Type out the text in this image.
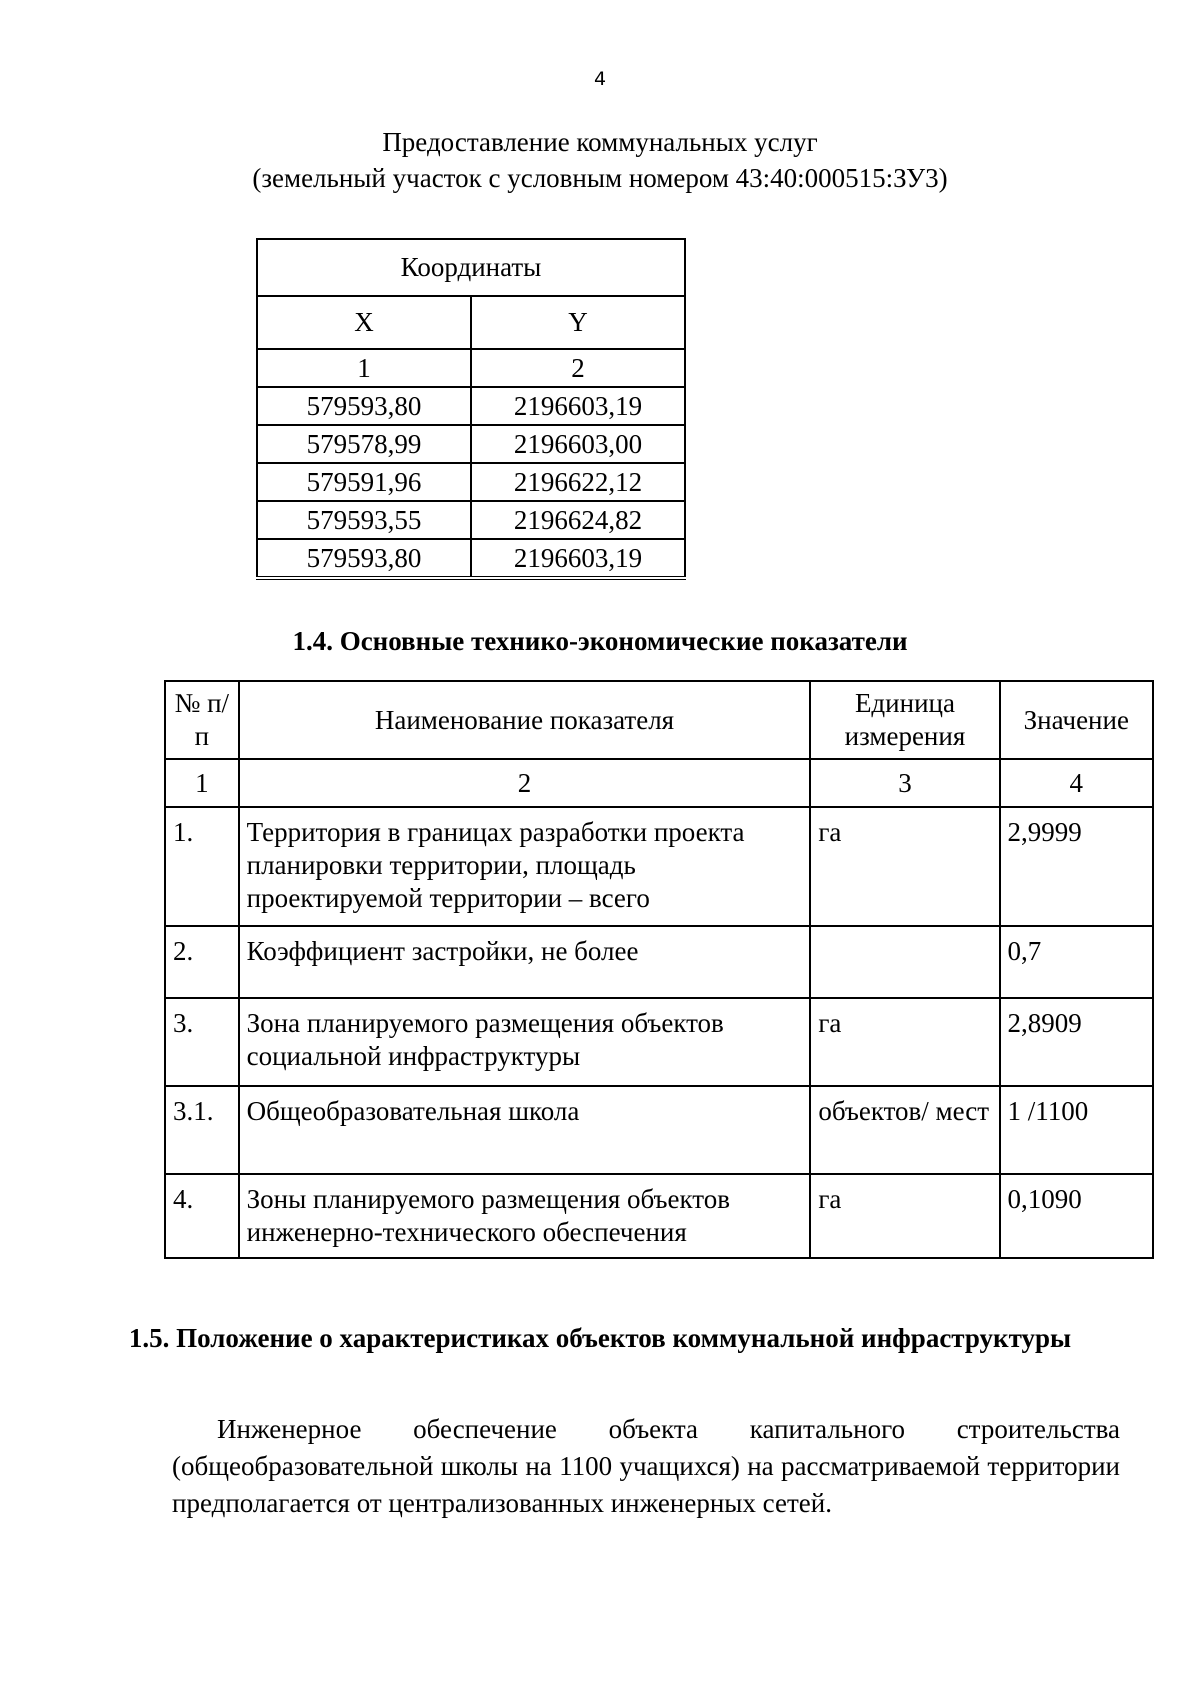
4
Предоставление коммунальных услуг
(земельный участок с условным номером 43:40:000515:ЗУ3)
Координаты	
X	Y
1	2
579593,80	2196603,19
579578,99	2196603,00
579591,96	2196622,12
579593,55	2196624,82
579593,80	2196603,19
1.4. Основные технико-экономические показатели
№ п/п	Наименование показателя	Единица измерения	Значение
1	2	3	4
1.	Территория в границах разработки проекта планировки территории, площадь проектируемой территории – всего	га	2,9999
2.	Коэффициент застройки, не более		0,7
3.	Зона планируемого размещения объектов социальной инфраструктуры	га	2,8909
3.1.	Общеобразовательная школа	объектов/ мест	1 /1100
4.	Зоны планируемого размещения объектов инженерно-технического обеспечения	га	0,1090
1.5. Положение о характеристиках объектов коммунальной инфраструктуры
Инженерное обеспечение объекта капитального строительства (общеобразовательной школы на 1100 учащихся) на рассматриваемой территории предполагается от централизованных инженерных сетей.
